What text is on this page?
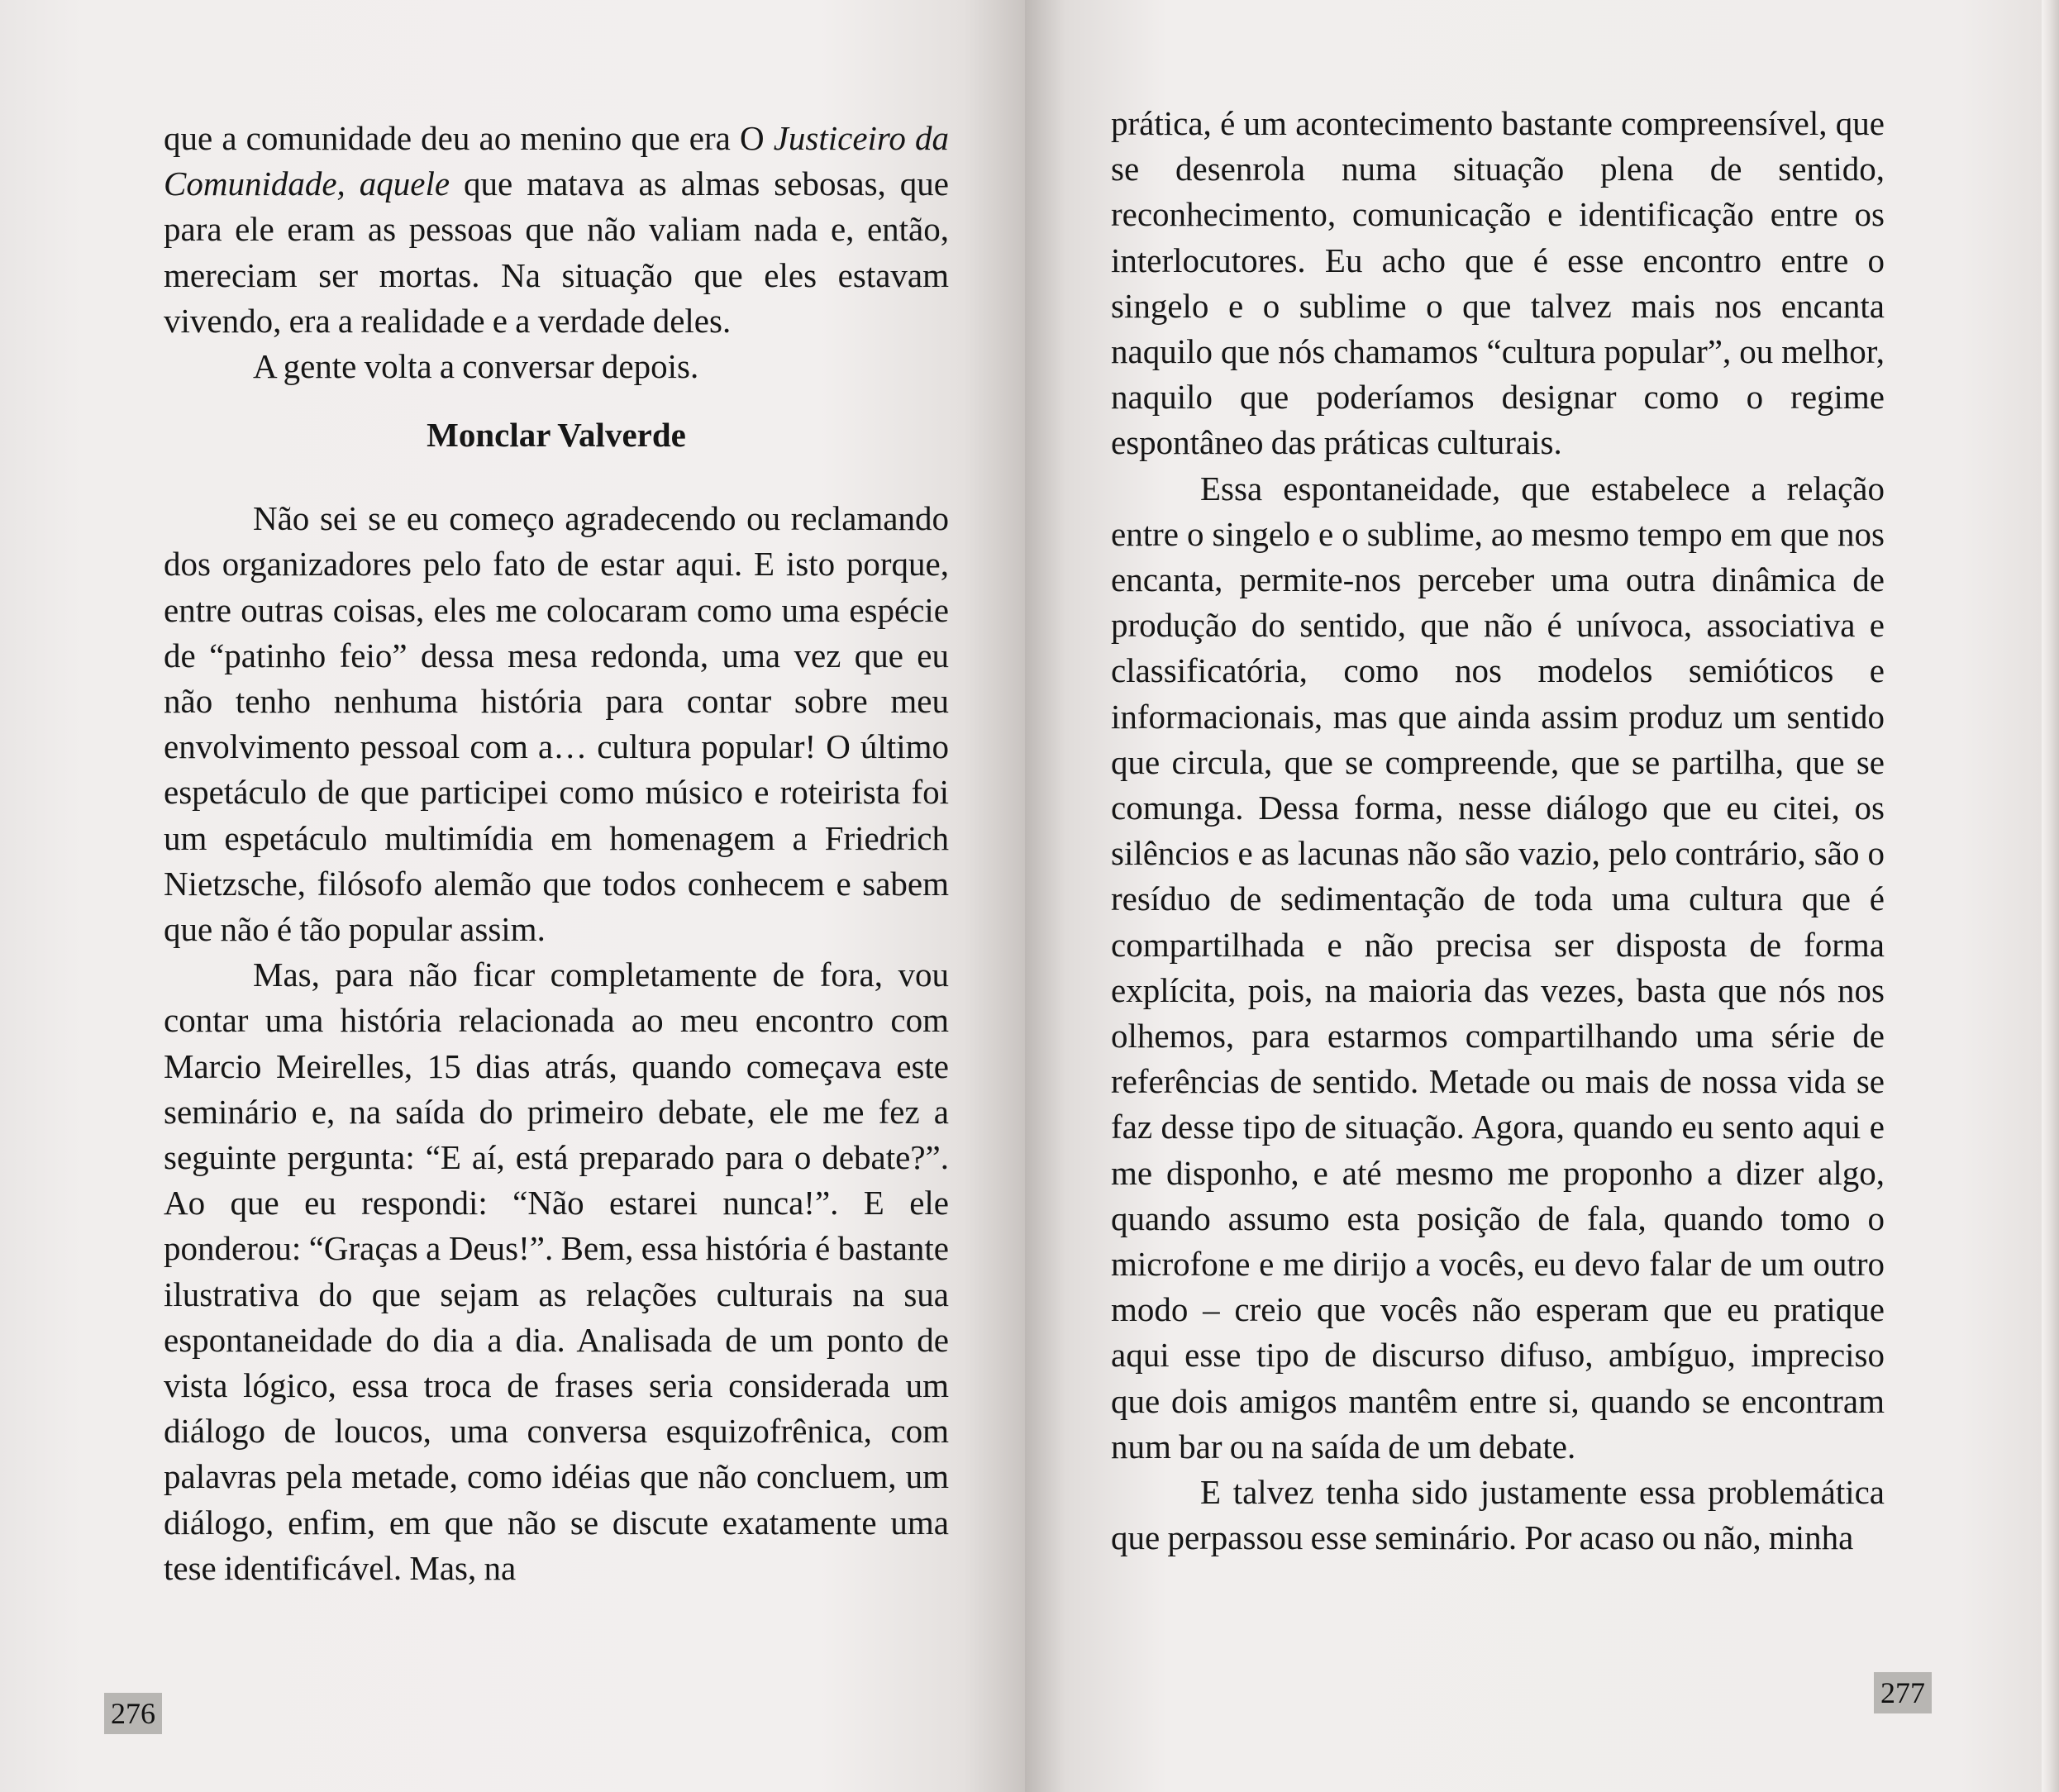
que a comunidade deu ao menino que era O Justiceiro da Comunidade, aquele que matava as almas sebosas, que para ele eram as pessoas que não valiam nada e, então, mereciam ser mortas. Na situação que eles estavam vivendo, era a realidade e a verdade deles.

A gente volta a conversar depois.

Monclar Valverde

Não sei se eu começo agradecendo ou reclamando dos organizadores pelo fato de estar aqui. E isto porque, entre outras coisas, eles me colocaram como uma espécie de “patinho feio” dessa mesa redonda, uma vez que eu não tenho nenhuma história para contar sobre meu envolvimento pessoal com a… cultura popular! O último espetáculo de que participei como músico e roteirista foi um espetáculo multimídia em homenagem a Friedrich Nietzsche, filósofo alemão que todos conhecem e sabem que não é tão popular assim.

Mas, para não ficar completamente de fora, vou contar uma história relacionada ao meu encontro com Marcio Meirelles, 15 dias atrás, quando começava este seminário e, na saída do primeiro debate, ele me fez a seguinte pergunta: “E aí, está preparado para o debate?”. Ao que eu respondi: “Não estarei nunca!”. E ele ponderou: “Graças a Deus!”. Bem, essa história é bastante ilustrativa do que sejam as relações culturais na sua espontaneidade do dia a dia. Analisada de um ponto de vista lógico, essa troca de frases seria considerada um diálogo de loucos, uma conversa esquizofrênica, com palavras pela metade, como idéias que não concluem, um diálogo, enfim, em que não se discute exatamente uma tese identificável. Mas, na

276

prática, é um acontecimento bastante compreensível, que se desenrola numa situação plena de sentido, reconhecimento, comunicação e identificação entre os interlocutores. Eu acho que é esse encontro entre o singelo e o sublime o que talvez mais nos encanta naquilo que nós chamamos “cultura popular”, ou melhor, naquilo que poderíamos designar como o regime espontâneo das práticas culturais.

Essa espontaneidade, que estabelece a relação entre o singelo e o sublime, ao mesmo tempo em que nos encanta, permite-nos perceber uma outra dinâmica de produção do sentido, que não é unívoca, associativa e classificatória, como nos modelos semióticos e informacionais, mas que ainda assim produz um sentido que circula, que se compreende, que se partilha, que se comunga. Dessa forma, nesse diálogo que eu citei, os silêncios e as lacunas não são vazio, pelo contrário, são o resíduo de sedimentação de toda uma cultura que é compartilhada e não precisa ser disposta de forma explícita, pois, na maioria das vezes, basta que nós nos olhemos, para estarmos compartilhando uma série de referências de sentido. Metade ou mais de nossa vida se faz desse tipo de situação. Agora, quando eu sento aqui e me disponho, e até mesmo me proponho a dizer algo, quando assumo esta posição de fala, quando tomo o microfone e me dirijo a vocês, eu devo falar de um outro modo – creio que vocês não esperam que eu pratique aqui esse tipo de discurso difuso, ambíguo, impreciso que dois amigos mantêm entre si, quando se encontram num bar ou na saída de um debate.

E talvez tenha sido justamente essa problemática que perpassou esse seminário. Por acaso ou não, minha

277
